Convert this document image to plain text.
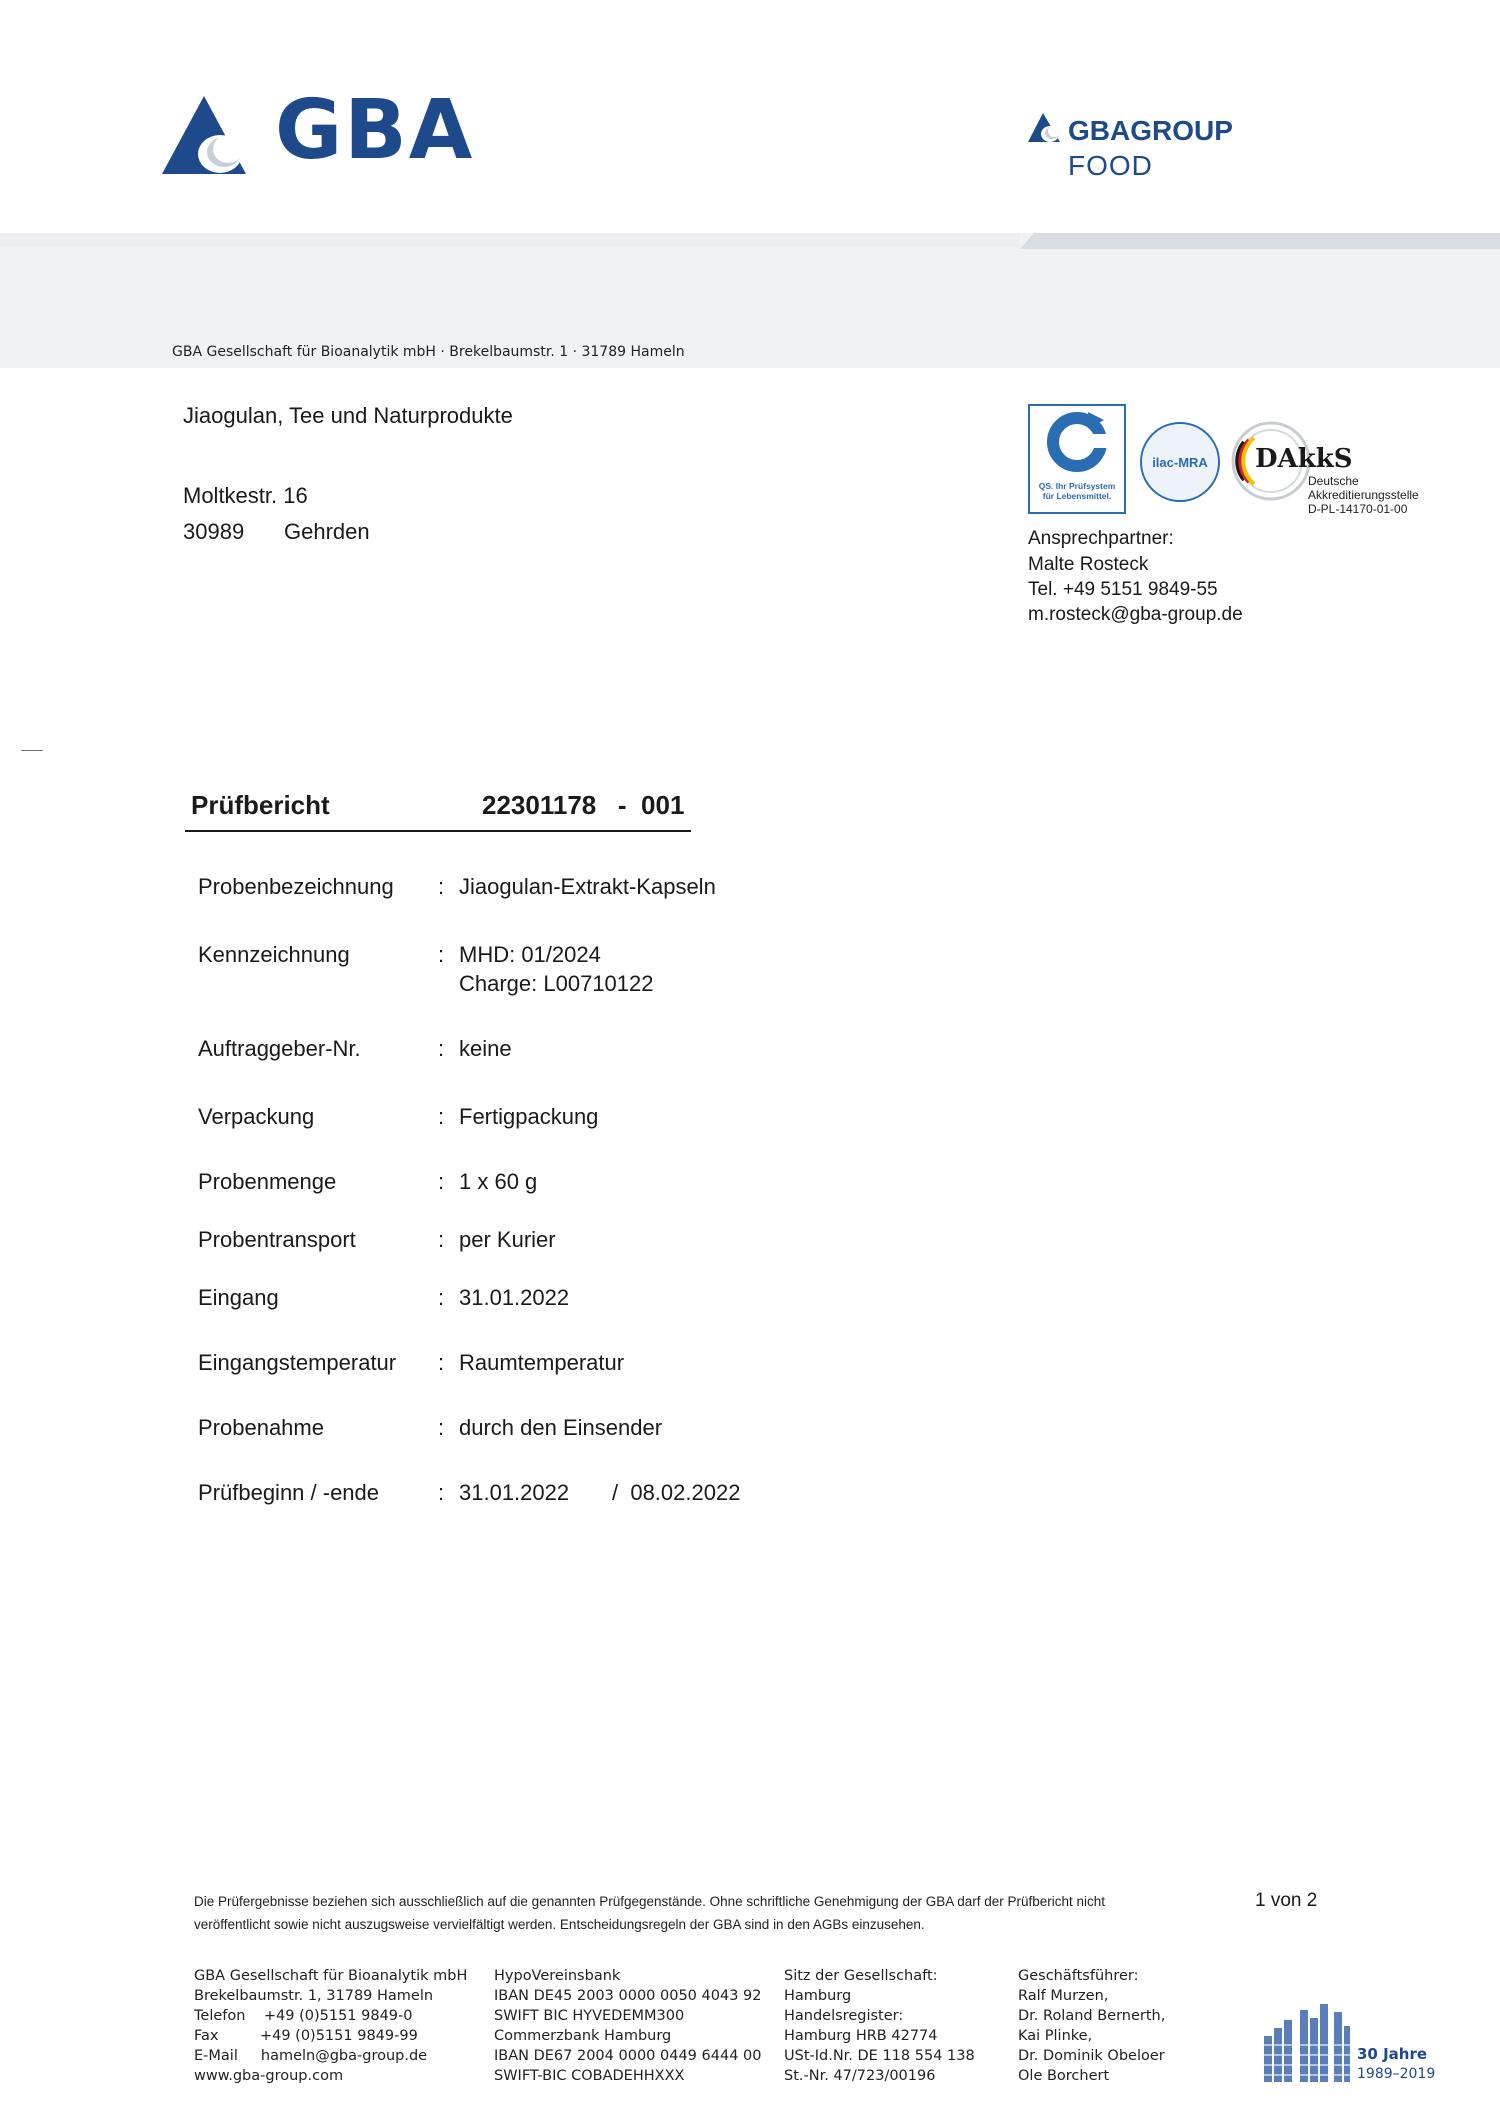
GBA	GBAGROUP
FOOD
GBA Gesellschaft für Bioanalytik mbH · Brekelbaumstr. 1 · 31789 Hameln
Jiaogulan, Tee und Naturprodukte
Moltkestr. 16
30989 Gehrden
QS. Ihr Prüfsystem für Lebensmittel.
ilac-MRA DAkkS
Deutsche
Akkreditierungsstelle
D-PL-14170-01-00
Ansprechpartner:
Malte Rosteck
Tel. +49 5151 9849-55
m.rosteck@gba-group.de
Prüfbericht	22301178   -  001
Probenbezeichnung : Jiaogulan-Extrakt-Kapseln
Kennzeichnung	: MHD: 01/2024
Charge: L00710122
Auftraggeber-Nr.	: keine
Verpackung	: Fertigpackung
Probenmenge	: 1 x 60 g
Probentransport	: per Kurier
Eingang	: 31.01.2022
Eingangstemperatur : Raumtemperatur
Probenahme	: durch den Einsender
Prüfbeginn / -ende	: 31.01.2022 /  08.02.2022
Die Prüfergebnisse beziehen sich ausschließlich auf die genannten Prüfgegenstände. Ohne schriftliche Genehmigung der GBA darf der Prüfbericht nicht
veröffentlicht sowie nicht auszugsweise vervielfältigt werden. Entscheidungsregeln der GBA sind in den AGBs einzusehen.
1 von 2
GBA Gesellschaft für Bioanalytik mbH
Brekelbaumstr. 1, 31789 Hameln
Telefon    +49 (0)5151 9849-0
Fax         +49 (0)5151 9849-99
E-Mail     hameln@gba-group.de
www.gba-group.com
HypoVereinsbank
IBAN DE45 2003 0000 0050 4043 92
SWIFT BIC HYVEDEMM300
Commerzbank Hamburg
IBAN DE67 2004 0000 0449 6444 00
SWIFT-BIC COBADEHHXXX
Sitz der Gesellschaft:
Hamburg
Handelsregister:
Hamburg HRB 42774
USt-Id.Nr. DE 118 554 138
St.-Nr. 47/723/00196
Geschäftsführer:
Ralf Murzen,
Dr. Roland Bernerth,
Kai Plinke,
Dr. Dominik Obeloer
Ole Borchert
30 Jahre
1989–2019
